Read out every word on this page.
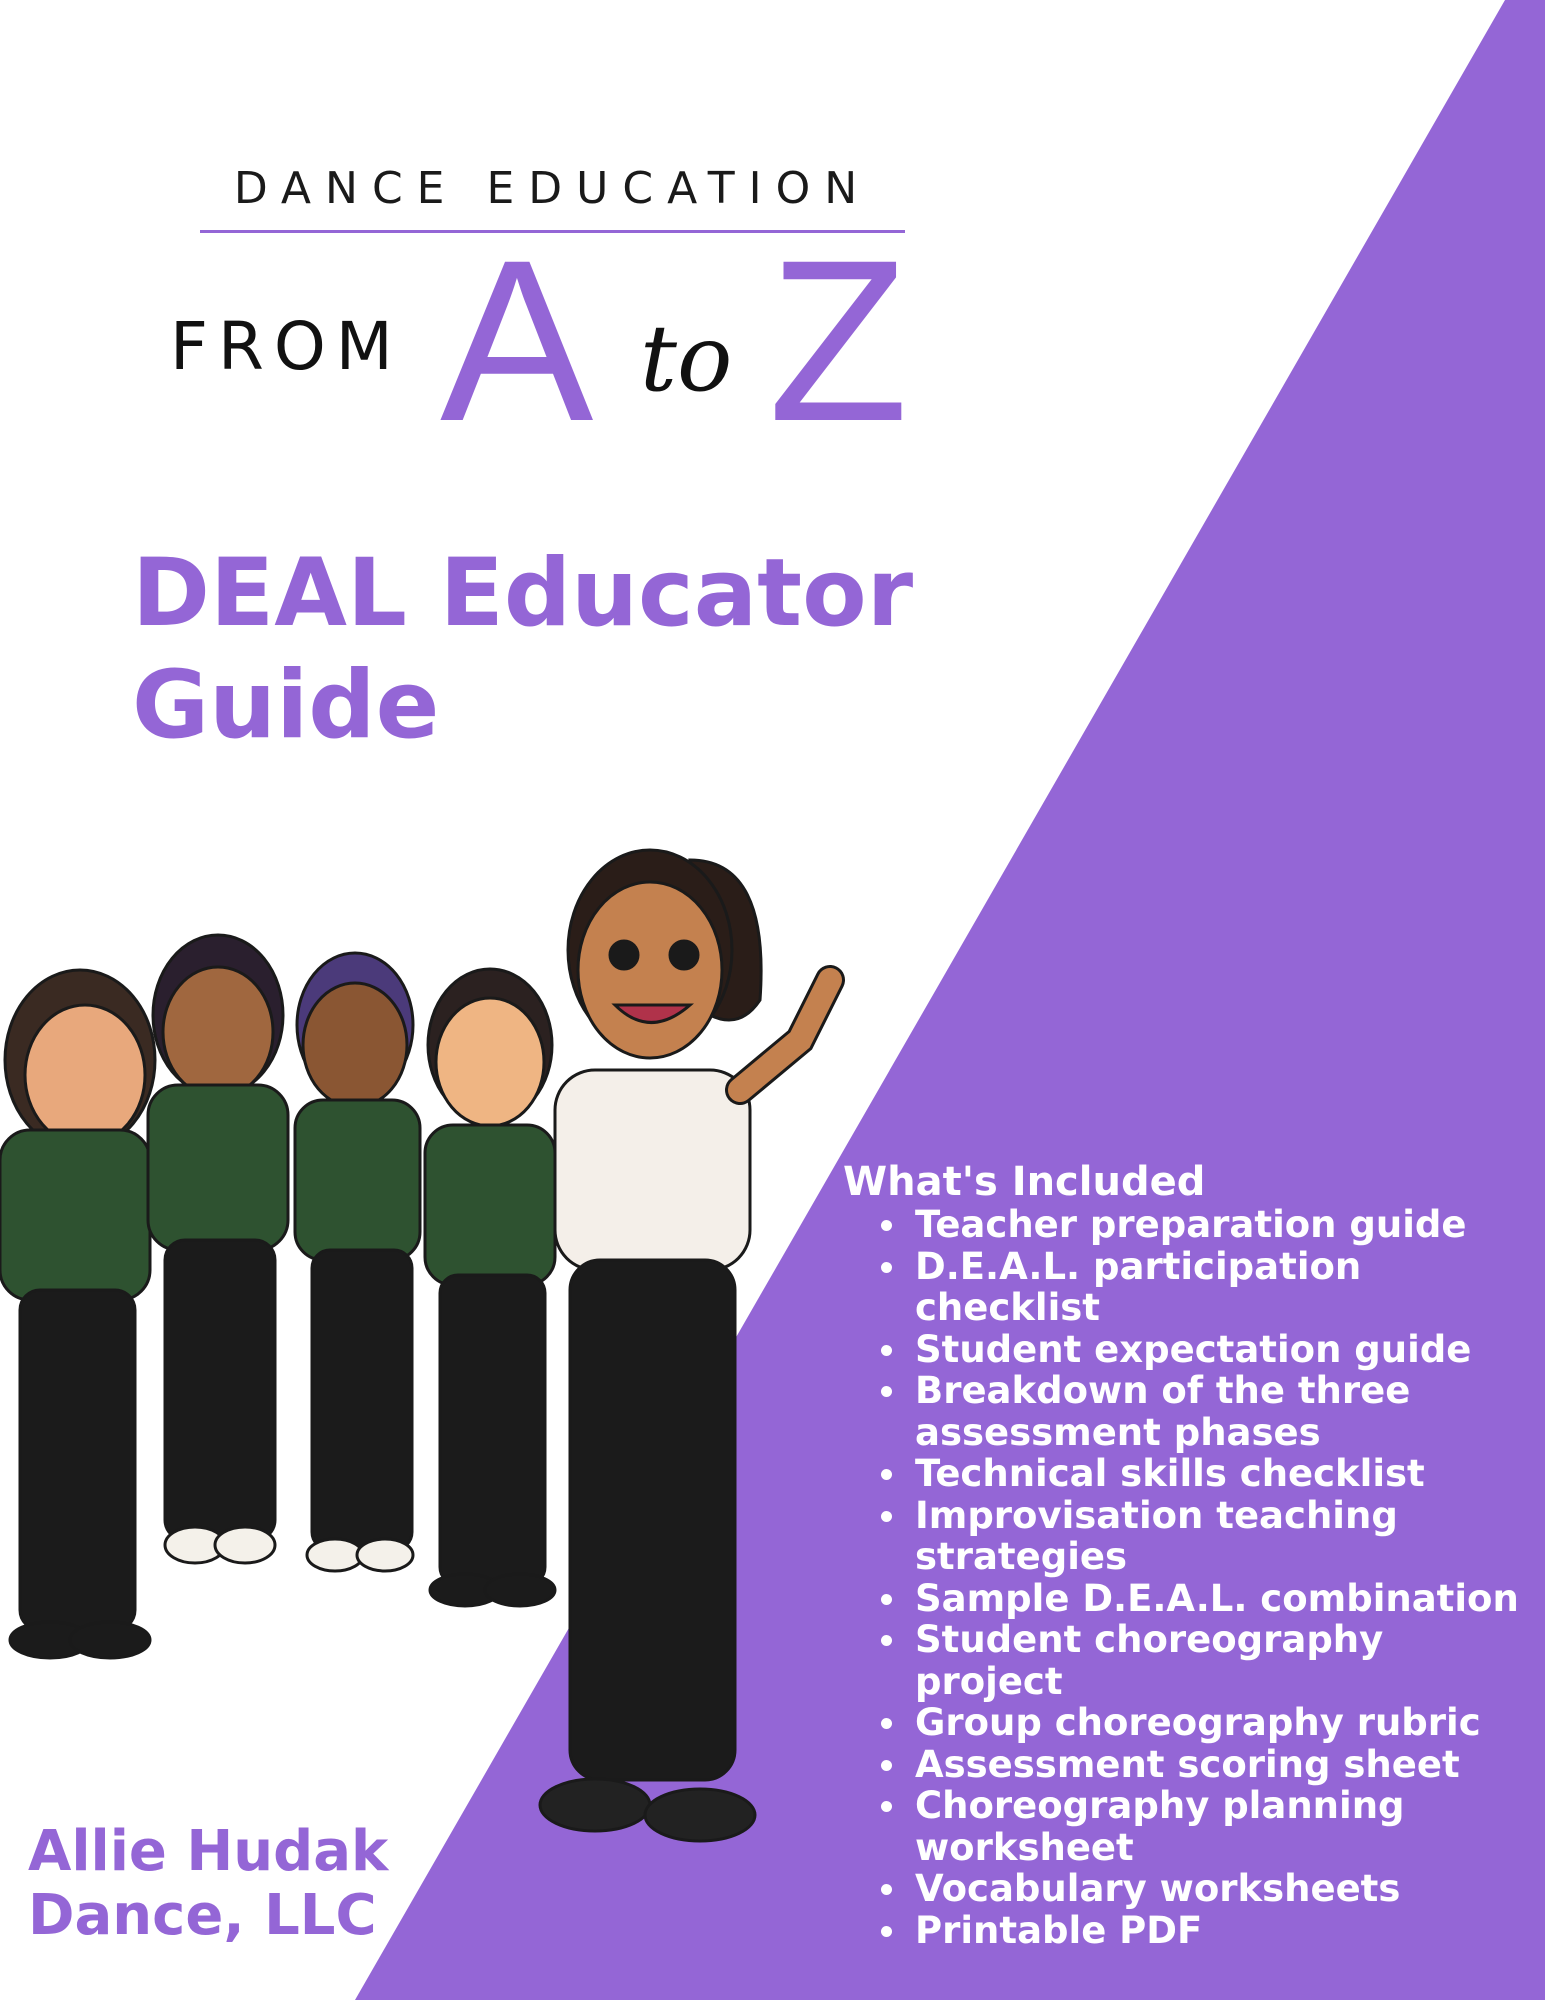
DANCE EDUCATION
FROM A to Z
DEAL Educator
Guide

What's Included

Teacher preparation guide
D.E.A.L. participation checklist
Student expectation guide
Breakdown of the three assessment phases
Technical skills checklist
Improvisation teaching strategies
Sample D.E.A.L. combination
Student choreography project
Group choreography rubric
Assessment scoring sheet
Choreography planning worksheet
Vocabulary worksheets
Printable PDF
Allie Hudak
Dance, LLC
